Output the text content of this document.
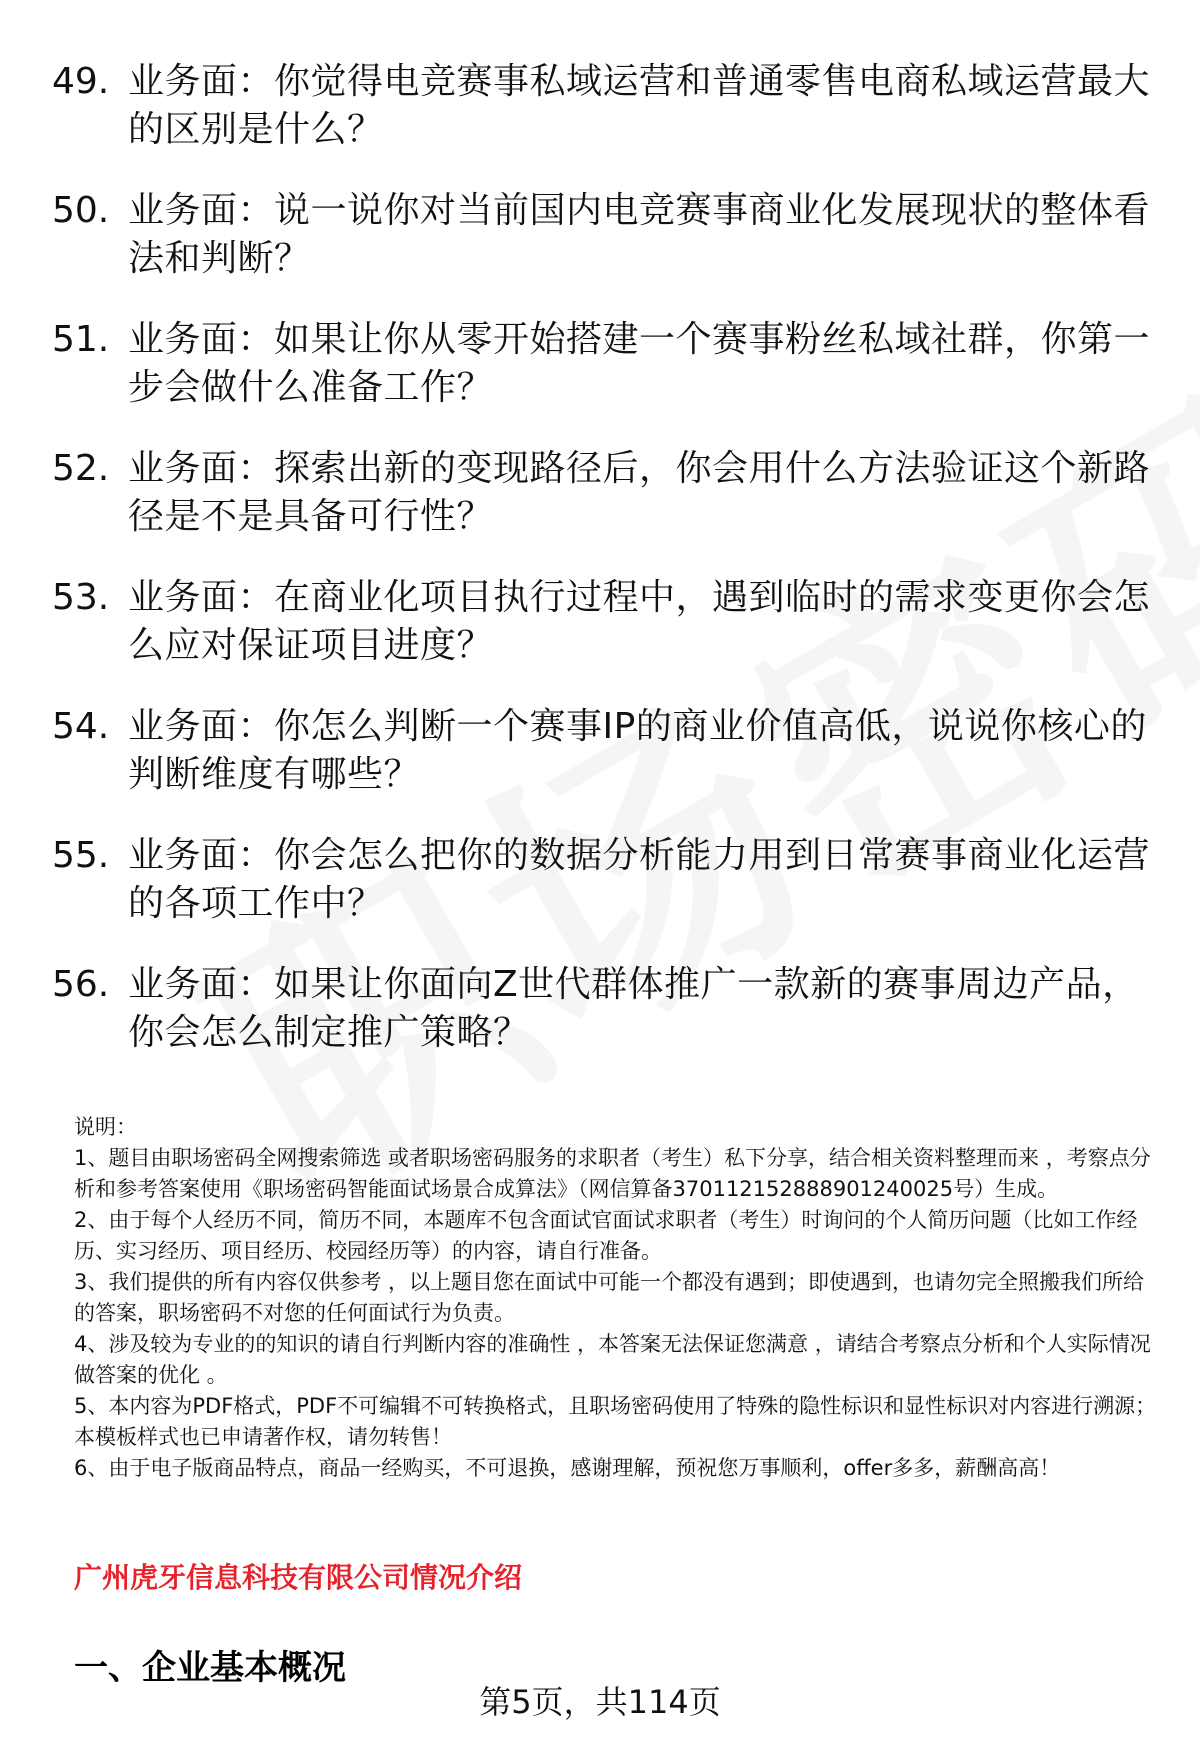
49. 业务面：你觉得电竞赛事私域运营和普通零售电商私域运营最大的区别是什么？
50. 业务面：说一说你对当前国内电竞赛事商业化发展现状的整体看法和判断？
51. 业务面：如果让你从零开始搭建一个赛事粉丝私域社群，你第一步会做什么准备工作？
52. 业务面：探索出新的变现路径后，你会用什么方法验证这个新路径是不是具备可行性？
53. 业务面：在商业化项目执行过程中，遇到临时的需求变更你会怎么应对保证项目进度？
54. 业务面：你怎么判断一个赛事IP的商业价值高低，说说你核心的判断维度有哪些？
55. 业务面：你会怎么把你的数据分析能力用到日常赛事商业化运营的各项工作中？
56. 业务面：如果让你面向Z世代群体推广一款新的赛事周边产品，你会怎么制定推广策略？

说明：

1、题目由职场密码全网搜索筛选 或者职场密码服务的求职者（考生）私下分享，结合相关资料整理而来 ，考察点分析和参考答案使用《职场密码智能面试场景合成算法》（网信算备370112152888901240025号）生成。

2、由于每个人经历不同，简历不同，本题库不包含面试官面试求职者（考生）时询问的个人简历问题（比如工作经历、实习经历、项目经历、校园经历等）的内容，请自行准备。

3、我们提供的所有内容仅供参考 ，以上题目您在面试中可能一个都没有遇到；即使遇到，也请勿完全照搬我们所给的答案，职场密码不对您的任何面试行为负责。

4、涉及较为专业的的知识的请自行判断内容的准确性 ，本答案无法保证您满意 ，请结合考察点分析和个人实际情况做答案的优化 。

5、本内容为PDF格式，PDF不可编辑不可转换格式，且职场密码使用了特殊的隐性标识和显性标识对内容进行溯源；本模板样式也已申请著作权，请勿转售！

6、由于电子版商品特点，商品一经购买，不可退换，感谢理解，预祝您万事顺利，offer多多，薪酬高高！

广州虎牙信息科技有限公司情况介绍
一、企业基本概况
第5页，共114页
